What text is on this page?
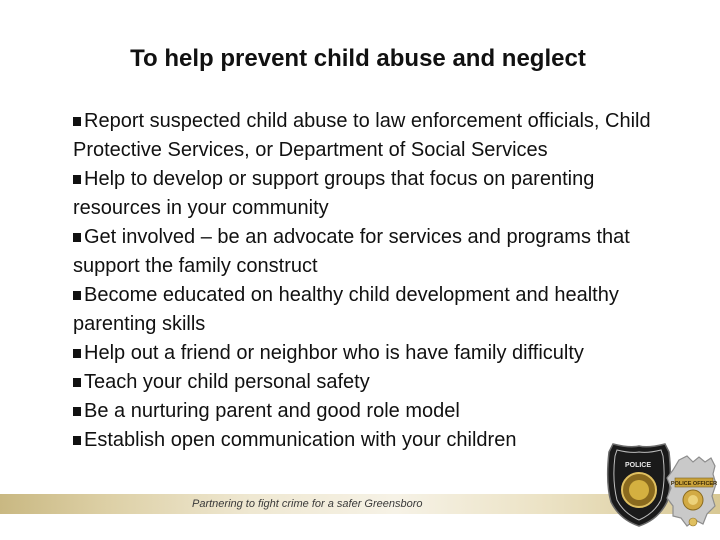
To help prevent child abuse and neglect

Report suspected child abuse to law enforcement officials, Child Protective Services, or Department of Social Services

Help to develop or support groups that focus on parenting resources in your community

Get involved – be an advocate for services and programs that support the family construct

Become educated on healthy child development and healthy parenting skills

Help out a friend or neighbor who is have family difficulty

Teach your child personal safety

Be a nurturing parent and good role model

Establish open communication with your children

Partnering to fight crime for a safer Greensboro
POLICE
POLICE OFFICER
